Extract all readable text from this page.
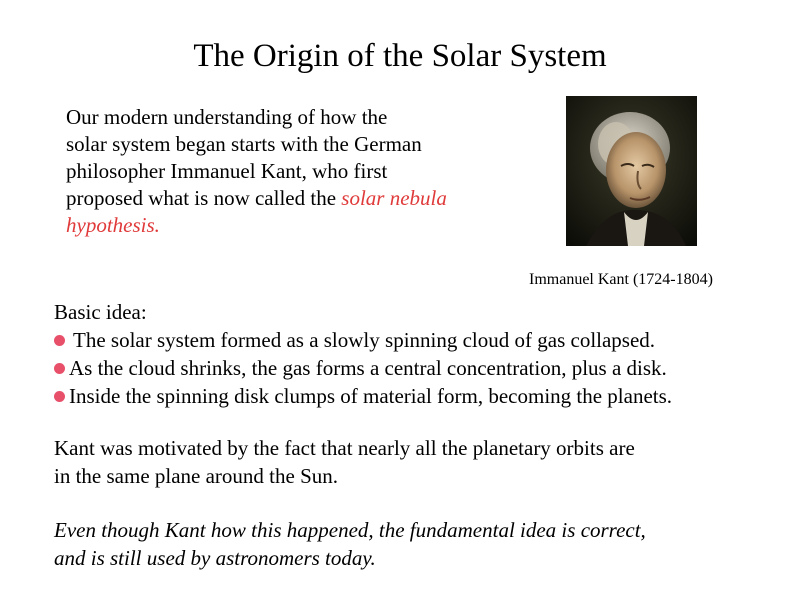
The Origin of the Solar System
Our modern understanding of how the
solar system began starts with the German
philosopher Immanuel Kant, who first
proposed what is now called the solar nebula
hypothesis.
Immanuel Kant (1724-1804)
Basic idea:
The solar system formed as a slowly spinning cloud of gas collapsed.
As the cloud shrinks, the gas forms a central concentration, plus a disk.
Inside the spinning disk clumps of material form, becoming the planets.
Kant was motivated by the fact that nearly all the planetary orbits are
in the same plane around the Sun.
Even though Kant how this happened, the fundamental idea is correct,
and is still used by astronomers today.
